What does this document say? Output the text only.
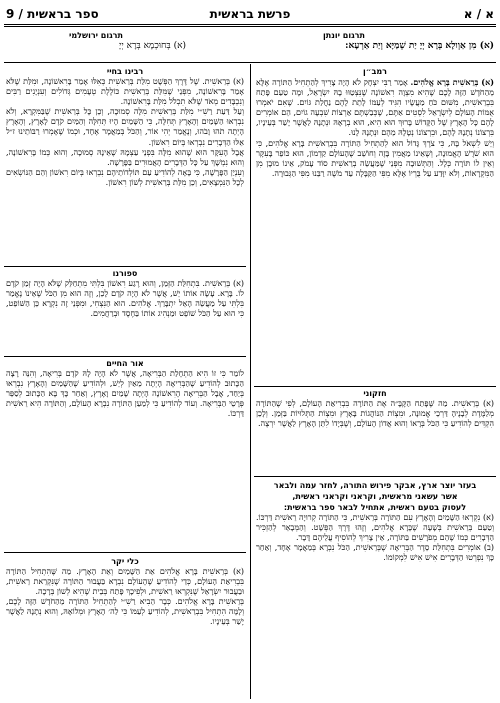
א / א
פרשת בראשית
ספר בראשית / 9
תרגום יונתן
(א) מִן אַוְולָא בְּרָא יְיָ יַת שְׁמַיָּא וְיַת אַרְעָא:
תרגום ירושלמי
(א) בְּחוּכְמָא בְּרָא יְיָ
רמב״ן
(א) בְּרֵאשִׁית בָּרָא אֱלֹהִים. אָמַר רַבִּי יִצְחָק לֹא הָיָה צָרִיךְ לְהַתְחִיל הַתּוֹרָה אֶלָּא מֵהַחֹדֶשׁ הַזֶּה לָכֶם שֶׁהִיא מִצְוָה רִאשׁוֹנָה שֶׁנִּצְטַוּוּ בָהּ יִשְׂרָאֵל, וּמָה טַעַם פָּתַח בִּבְרֵאשִׁית, מִשּׁוּם כֹּחַ מַעֲשָׂיו הִגִּיד לְעַמּוֹ לָתֵת לָהֶם נַחֲלַת גּוֹיִם. שֶׁאִם יֹאמְרוּ אֻמּוֹת הָעוֹלָם לְיִשְׂרָאֵל לִסְטִים אַתֶּם, שֶׁכְּבַשְׁתֶּם אַרְצוֹת שִׁבְעָה גוֹיִם, הֵם אוֹמְרִים לָהֶם כָּל הָאָרֶץ שֶׁל הַקָּדוֹשׁ בָּרוּךְ הוּא הִיא, הוּא בְרָאָהּ וּנְתָנָהּ לַאֲשֶׁר יָשַׁר בְּעֵינָיו, בִּרְצוֹנוֹ נְתָנָהּ לָהֶם, וּבִרְצוֹנוֹ נְטָלָהּ מֵהֶם וּנְתָנָהּ לָנוּ.
וְיֵשׁ לִשְׁאֹל בָּהּ, כִּי צֹרֶךְ גָּדוֹל הוּא לְהַתְחִיל הַתּוֹרָה בִּבְרֵאשִׁית בָּרָא אֱלֹהִים, כִּי הוּא שֹׁרֶשׁ הָאֱמוּנָה, וְשֶׁאֵינוֹ מַאֲמִין בָּזֶה וְחוֹשֵׁב שֶׁהָעוֹלָם קַדְמוֹן, הוּא כּוֹפֵר בָּעִקָּר וְאֵין לוֹ תּוֹרָה כְּלָל. וְהַתְּשׁוּבָה מִפְּנֵי שֶׁמַּעֲשֵׂה בְרֵאשִׁית סוֹד עָמֹק, אֵינוֹ מוּבָן מִן הַמִּקְרָאוֹת, וְלֹא יִוָּדַע עַל בֻּרְיוֹ אֶלָּא מִפִּי הַקַּבָּלָה עַד מֹשֶׁה רַבֵּנוּ מִפִּי הַגְּבוּרָה.
חזקוני
(א) בְּרֵאשִׁית. מַה שֶּׁפָּתַח הַקָּבָּ״ה אֶת הַתּוֹרָה בִּבְרִיאַת הָעוֹלָם, לְפִי שֶׁהַתּוֹרָה מְלַמֶּדֶת לְבָנֶיהָ דַּרְכֵי אֱמוּנָה, וּמִצְוֹת הַנּוֹהֲגוֹת בָּאָרֶץ וּמִצְוֹת הַתְּלוּיוֹת בַּזְּמַן. וְלָכֵן הִקְדִּים לְהוֹדִיעַ כִּי הַכֹּל בְּרָאוֹ וְהוּא אֲדוֹן הָעוֹלָם, וְשֶׁבְּיָדוֹ לִתֵּן הָאָרֶץ לַאֲשֶׁר יִרְצֶה.
בעזר יוצר ארץ, אבקר פירוש התורה, לחזר עמה ולבאר
אשר עשאני מראשית, וקראני וקראני ראשית,
לעסוק בטעם ראשית, אתחיל לבאר ספר בראשית:
(א) נִקְרְאוּ הַשָּׁמַיִם וְהָאָרֶץ עִם הַתּוֹרָה בְּרֵאשִׁית, כִּי הַתּוֹרָה קְרוּיָה רֵאשִׁית דַּרְכּוֹ. וְטַעַם בְּרֵאשִׁית בְּשָׁעָה שֶׁבָּרָא אֱלֹהִים, וְזֶהוּ דֶּרֶךְ הַפְּשָׁט. וְהַמְּבָאֵר לְהַזְכִּיר הַדְּבָרִים כְּמוֹ שֶׁהֵם מְפֹרָשִׁים בַּתּוֹרָה, אֵין צָרִיךְ לְהוֹסִיף עֲלֵיהֶם דָּבָר.
(ב) אוֹמְרִים בִּתְחִלַּת סֵדֶר הַבְּרִיאָה שֶׁבְּרֵאשִׁית, הַכֹּל נִבְרָא בְּמַאֲמָר אֶחָד, וְאַחַר כָּךְ נִפְרְטוּ הַדְּבָרִים אִישׁ אִישׁ לִמְקוֹמוֹ.
רבינו בחיי
(א) בְּרֵאשִׁית. שֶׁל דֶּרֶךְ הַפְּשָׁט מִלַּת בְּרֵאשִׁית כְּאִלּוּ אָמַר בָּרִאשׁוֹנָה, וּמִלַּת שֶׁלֹּא אָמַר בָּרִאשׁוֹנָה, מִפְּנֵי שֶׁמִּלַּת בְּרֵאשִׁית כּוֹלֶלֶת טְעָמִים גְּדוֹלִים וְעִנְיָנִים רַבִּים וְנִכְבָּדִים מְאֹד שֶׁלֹּא תִכְלֹל מִלַּת בָּרִאשׁוֹנָה.
וְעַל דַּעַת רַשִׁ״י מִלַּת בְּרֵאשִׁית מִלָּה סְמוּכָה, וְכֵן כָּל בְּרֵאשִׁית שֶׁבַּמִּקְרָא, וְלֹא נִבְרְאוּ הַשָּׁמַיִם וְהָאָרֶץ תְּחִלָּה, כִּי הַשָּׁמַיִם הָיוּ תְּחִלָּה וְהַמַּיִם קֹדֶם לָאָרֶץ, וְהָאָרֶץ הָיְתָה תֹהוּ וָבֹהוּ, וְנֶאֱמַר יְהִי אוֹר, וְהַכֹּל בְּמַאֲמָר אֶחָד, וּכְמוֹ שֶׁאָמְרוּ רַבּוֹתֵינוּ ז״ל אֵלּוּ הַדְּבָרִים נִבְרְאוּ בְּיוֹם רִאשׁוֹן.
אֲבָל הָעִקָּר הוּא שֶׁהוּא מִלָּה בִּפְנֵי עַצְמָהּ שֶׁאֵינָהּ סְמוּכָה, וְהוּא כְּמוֹ בָּרִאשׁוֹנָה, וְהוּא נִמְשָׁךְ עַל כָּל הַדְּבָרִים הָאֲמוּרִים בַּפָּרָשָׁה.
וְעִנְיַן הַפָּרָשָׁה, כִּי בָּאָה לְהוֹדִיעַ עַם תּוֹלְדוֹתֵיהֶם נִבְרְאוּ בְּיוֹם רִאשׁוֹן וְהֵם הַנּוֹשְׂאִים לְכָל הַנִּמְצָאִים, וְכֵן מִלַּת בְּרֵאשִׁית לְשׁוֹן רִאשׁוֹן.
ספורנו
(א) בְּרֵאשִׁית. בִּתְחִלַּת הַזְּמַן, וְהוּא רֶגַע רִאשׁוֹן בִּלְתִּי מִתְחַלֵּק שֶׁלֹּא הָיָה זְמַן קֹדֶם לוֹ. בָּרָא. עָשָׂה אוֹתוֹ יֵשׁ, אֲשֶׁר לֹא הָיָה קֹדֶם לָכֵן, וְזֶה הוּא מִן הַכֹּל שֶׁאֵינוֹ נֶאֱמַר בִּלְתִּי עַל מַעֲשֵׂה הָאֵל יִתְבָּרַךְ. אֱלֹהִים. הוּא הַנִּצְחִי, וּמִפְּנֵי זֶה נִקְרָא כֵּן הַשּׁוֹפֵט, כִּי הוּא עַל הַכֹּל שׁוֹפֵט וּמַנְהִיג אוֹתוֹ בַּחֶסֶד וּבְרַחֲמִים.
אור החיים
לוֹמַר כִּי זוֹ הִיא הַתְחָלַת הַבְּרִיאָה, אֲשֶׁר לֹא הָיָה לָהּ קֹדֶם בְּרִיאָה, וְהִנֵּה רָצָה הַכָּתוּב לְהוֹדִיעַ שֶׁהַבְּרִיאָה הָיְתָה מֵאַיִן לְיֵשׁ, וּלְהוֹדִיעַ שֶׁהַשָּׁמַיִם וְהָאָרֶץ נִבְרְאוּ בְּיַחַד, אֲבָל הַבְּרִיאָה הָרִאשׁוֹנָה הָיְתָה שָׁמַיִם וָאָרֶץ, וְאַחַר כָּךְ בָּא הַכָּתוּב לְסַפֵּר פְּרָטֵי הַבְּרִיאָה. וְעוֹד לְהוֹדִיעַ כִּי לְמַעַן הַתּוֹרָה נִבְרָא הָעוֹלָם, וְהַתּוֹרָה הִיא רֵאשִׁית דַּרְכּוֹ.
כלי יקר
(א) בְּרֵאשִׁית בָּרָא אֱלֹהִים אֵת הַשָּׁמַיִם וְאֵת הָאָרֶץ. מַה שֶּׁהִתְחִיל הַתּוֹרָה בִּבְרִיאַת הָעוֹלָם, כְּדֵי לְהוֹדִיעַ שֶׁהָעוֹלָם נִבְרָא בַּעֲבוּר הַתּוֹרָה שֶׁנִּקְרֵאת רֵאשִׁית, וּבַעֲבוּר יִשְׂרָאֵל שֶׁנִּקְרְאוּ רֵאשִׁית, וּלְפִיכָךְ פָּתַח בְּבֵית שֶׁהִיא לְשׁוֹן בְּרָכָה.
בְּרֵאשִׁית בָּרָא אֱלֹהִים. כְּבָר הֵבִיא רַשִׁ״י לְהַתְחִיל הַתּוֹרָה מֵהַחֹדֶשׁ הַזֶּה לָכֶם, וְלָמָּה הִתְחִיל בִּבְרֵאשִׁית, לְהוֹדִיעַ לְעַמּוֹ כִּי לַה׳ הָאָרֶץ וּמְלוֹאָהּ, וְהוּא נְתָנָהּ לַאֲשֶׁר יָשַׁר בְּעֵינָיו.
